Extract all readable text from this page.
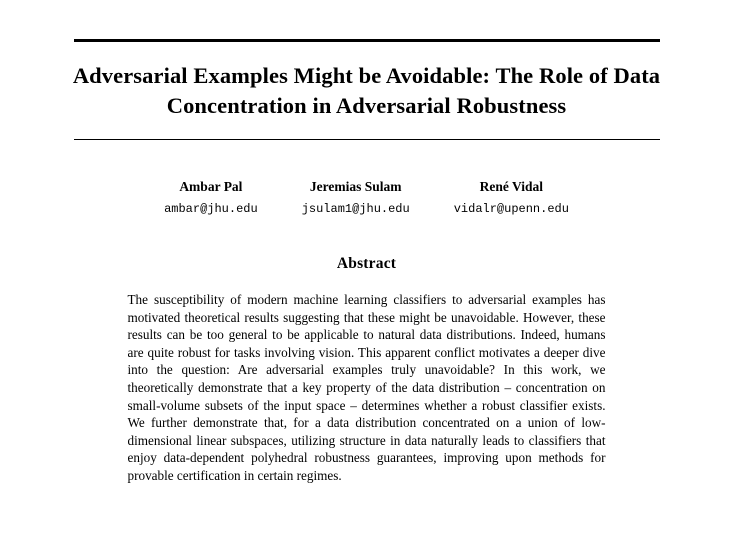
Adversarial Examples Might be Avoidable: The Role of Data Concentration in Adversarial Robustness
Ambar Pal
ambar@jhu.edu
Jeremias Sulam
jsulam1@jhu.edu
René Vidal
vidalr@upenn.edu
Abstract

The susceptibility of modern machine learning classifiers to adversarial examples has motivated theoretical results suggesting that these might be unavoidable. However, these results can be too general to be applicable to natural data distributions. Indeed, humans are quite robust for tasks involving vision. This apparent conflict motivates a deeper dive into the question: Are adversarial examples truly unavoidable? In this work, we theoretically demonstrate that a key property of the data distribution – concentration on small-volume subsets of the input space – determines whether a robust classifier exists. We further demonstrate that, for a data distribution concentrated on a union of low-dimensional linear subspaces, utilizing structure in data naturally leads to classifiers that enjoy data-dependent polyhedral robustness guarantees, improving upon methods for provable certification in certain regimes.
